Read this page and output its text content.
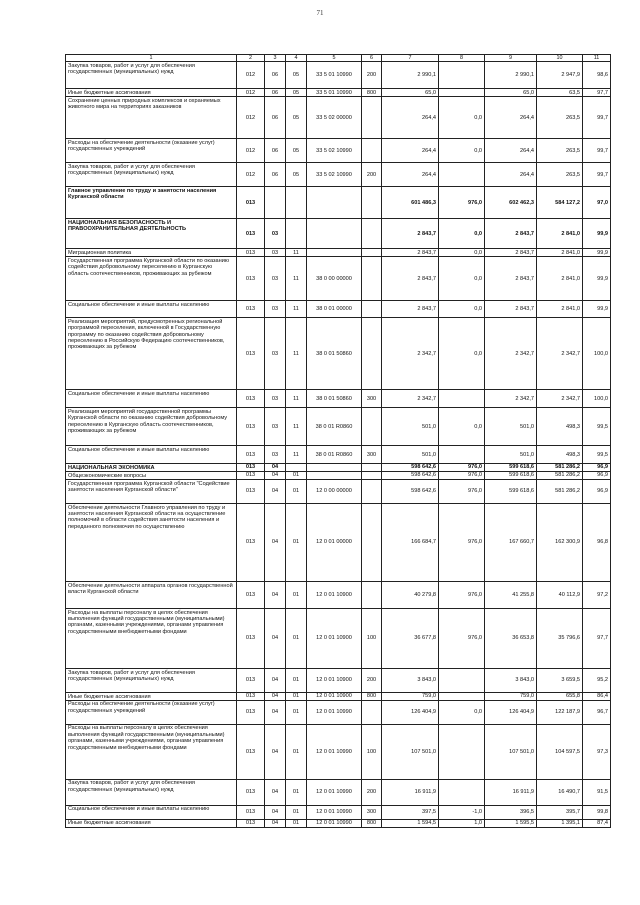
71
1	2	3	4	5	6	7	8	9	10	11
Закупка товаров, работ и услуг для обеспечения государственных (муниципальных) нужд	012	06	05	33 5 01 10990	200	2 990,1		2 990,1	2 947,9	98,6
Иные бюджетные ассигнования	012	06	05	33 5 01 10990	800	65,0		65,0	63,5	97,7
Сохранение ценных природных комплексов и охраняемых животного мира на территориях заказников	012	06	05	33 5 02 00000		264,4	0,0	264,4	263,5	99,7
Расходы на обеспечение деятельности (оказание услуг) государственных учреждений	012	06	05	33 5 02 10990		264,4	0,0	264,4	263,5	99,7
Закупка товаров, работ и услуг для обеспечения государственных (муниципальных) нужд	012	06	05	33 5 02 10990	200	264,4		264,4	263,5	99,7
Главное управление по труду и занятости населения Курганской области	013					601 486,3	976,0	602 462,3	584 127,2	97,0
НАЦИОНАЛЬНАЯ БЕЗОПАСНОСТЬ И ПРАВООХРАНИТЕЛЬНАЯ ДЕЯТЕЛЬНОСТЬ	013	03				2 843,7	0,0	2 843,7	2 841,0	99,9
Миграционная политика	013	03	11			2 843,7	0,0	2 843,7	2 841,0	99,9
Государственная программа Курганской области по оказанию содействия добровольному переселению в Курганскую область соотечественников, проживающих за рубежом	013	03	11	38 0 00 00000		2 843,7	0,0	2 843,7	2 841,0	99,9
Социальное обеспечение и иные выплаты населению	013	03	11	38 0 01 00000		2 843,7	0,0	2 843,7	2 841,0	99,9
Реализация мероприятий, предусмотренных региональной программой переселения, включенной в Государственную программу по оказанию содействия добровольному переселению в Российскую Федерацию соотечественников, проживающих за рубежом	013	03	11	38 0 01 50860		2 342,7	0,0	2 342,7	2 342,7	100,0
Социальное обеспечение и иные выплаты населению	013	03	11	38 0 01 50860	300	2 342,7		2 342,7	2 342,7	100,0
Реализация мероприятий государственной программы Курганской области по оказанию содействия добровольному переселению в Курганскую область соотечественников, проживающих за рубежом	013	03	11	38 0 01 R0860		501,0	0,0	501,0	498,3	99,5
Социальное обеспечение и иные выплаты населению	013	03	11	38 0 01 R0860	300	501,0		501,0	498,3	99,5
НАЦИОНАЛЬНАЯ ЭКОНОМИКА	013	04				598 642,6	976,0	599 618,6	581 286,2	96,9
Общеэкономические вопросы	013	04	01			598 642,6	976,0	599 618,6	581 286,2	96,9
Государственная программа Курганской области "Содействие занятости населения Курганской области"	013	04	01	12 0 00 00000		598 642,6	976,0	599 618,6	581 286,2	96,9
Обеспечение деятельности Главного управления по труду и занятости населения Курганской области на осуществление полномочий в области содействия занятости населения и переданного полномочия по осуществлению	013	04	01	12 0 01 00000		166 684,7	976,0	167 660,7	162 300,9	96,8
Обеспечение деятельности аппарата органов государственной власти Курганской области	013	04	01	12 0 01 10900		40 279,8	976,0	41 255,8	40 112,9	97,2
Расходы на выплаты персоналу в целях обеспечения выполнения функций государственными (муниципальными) органами, казенными учреждениями, органами управления государственными внебюджетными фондами	013	04	01	12 0 01 10900	100	36 677,8	976,0	36 653,8	35 796,6	97,7
Закупка товаров, работ и услуг для обеспечения государственных (муниципальных) нужд	013	04	01	12 0 01 10900	200	3 843,0		3 843,0	3 659,5	95,2
Иные бюджетные ассигнования	013	04	01	12 0 01 10900	800	759,0		759,0	655,8	86,4
Расходы на обеспечение деятельности (оказание услуг) государственных учреждений	013	04	01	12 0 01 10990		126 404,9	0,0	126 404,9	122 187,9	96,7
Расходы на выплаты персоналу в целях обеспечения выполнения функций государственными (муниципальными) органами, казенными учреждениями, органами управления государственными внебюджетными фондами	013	04	01	12 0 01 10990	100	107 501,0		107 501,0	104 597,5	97,3
Закупка товаров, работ и услуг для обеспечения государственных (муниципальных) нужд	013	04	01	12 0 01 10990	200	16 911,9		16 911,9	16 490,7	91,5
Социальное обеспечение и иные выплаты населению	013	04	01	12 0 01 10990	300	397,5	-1,0	396,5	395,7	99,8
Иные бюджетные ассигнования	013	04	01	12 0 01 10990	800	1 594,5	1,0	1 595,5	1 395,1	87,4
